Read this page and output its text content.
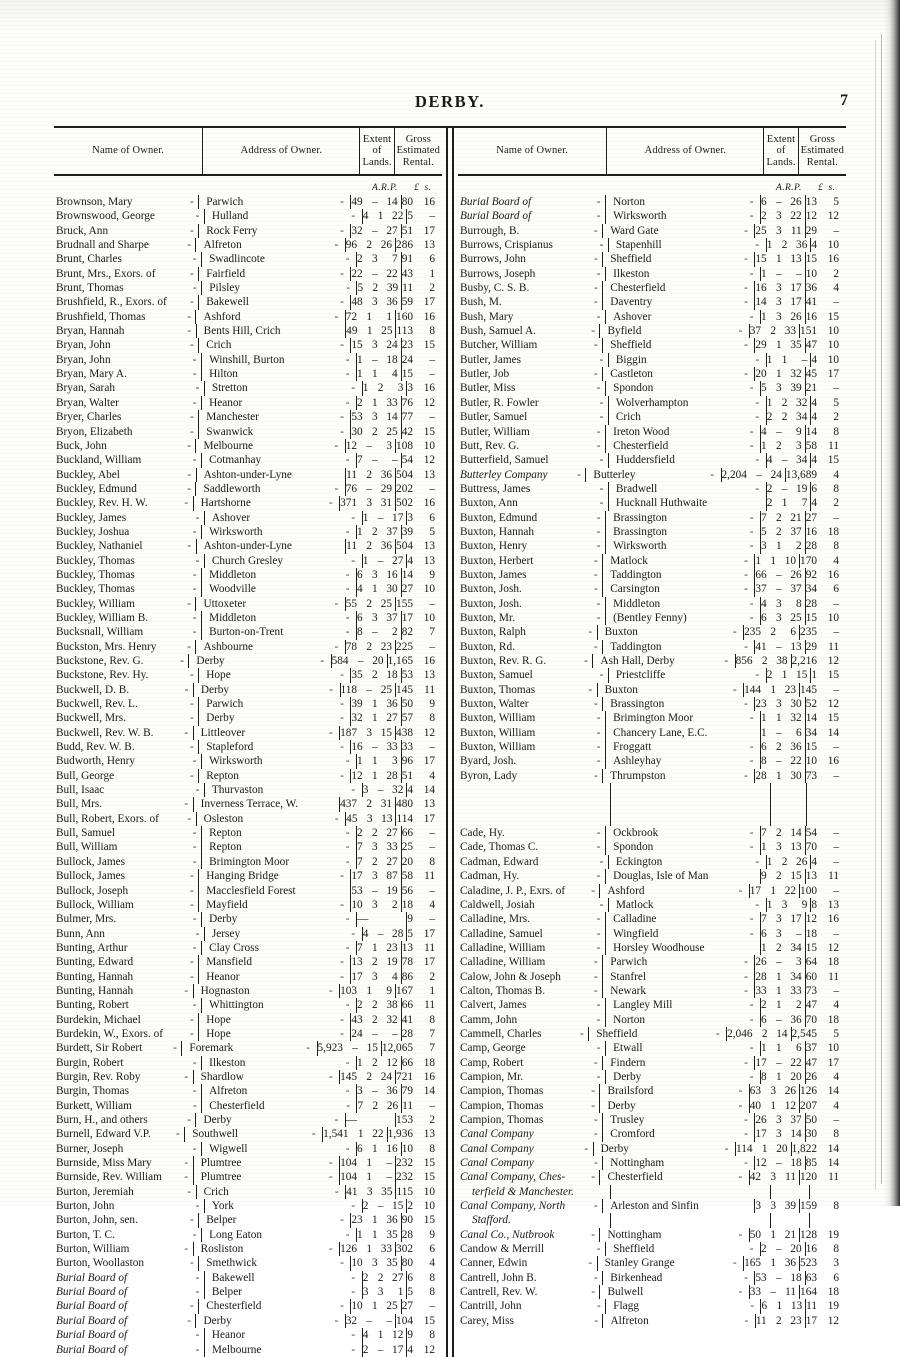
DERBY.	7
Name of Owner.	Address of Owner.
Extent of
Lands.
Gross
Estimated
Rental.
A. R. P. £ s.
Brownson, Mary	-	Parwich	- 49 – 14 80 16
Brownswood, George	-	Hulland	- 4 1 22 5	–
Bruck, Ann	-	Rock Ferry	- 32 – 27 51 17
Brudnall and Sharpe	-	Alfreton	- 96 2 26 286 13
Brunt, Charles	-	Swadlincote	- 2 3	7 91	6
Brunt, Mrs., Exors. of	-	Fairfield	- 22 – 22 43	1
Brunt, Thomas	-	Pilsley	- 5 2 39 11	2
Brushfield, R., Exors. of -	Bakewell	- 48 3 36 59 17
Brushfield, Thomas	-	Ashford	- 72 1	1 160 16
Bryan, Hannah	-	Bents Hill, Crich	49 1 25 113	8
Bryan, John	-	Crich	- 15 3 24 23 15
Bryan, John	-	Winshill, Burton	- 1 – 18 24	–
Bryan, Mary A.	-	Hilton	- 1 1	4 15	–
Bryan, Sarah	-	Stretton	- 1 2	3 3 16
Bryan, Walter	-	Heanor	- 2 1 33 76 12
Bryer, Charles	-	Manchester	- 53 3 14 77	–
Bryon, Elizabeth	-	Swanwick	- 30 2 25 42 15
Buck, John	-	Melbourne	- 12 –	3 108 10
Buckland, William	-	Cotmanhay	- 7 –	– 54 12
Buckley, Abel	-	Ashton-under-Lyne	11 2 36 504 13
Buckley, Edmund	-	Saddleworth	- 76 – 29 202	–
Buckley, Rev. H. W.	-	Hartshorne	- 371 3 31 502 16
Buckley, James	-	Ashover	- 1 – 17 3	6
Buckley, Joshua	-	Wirksworth	- 1 2 37 39	5
Buckley, Nathaniel	-	Ashton-under-Lyne	11 2 36 504 13
Buckley, Thomas	-	Church Gresley	- 1 – 27 4 13
Buckley, Thomas	-	Middleton	- 6 3 16 14	9
Buckley, Thomas	-	Woodville	- 4 1 30 27 10
Buckley, William	-	Uttoxeter	- 55 2 25 155	–
Buckley, William B.	-	Middleton	- 6 3 37 17 10
Bucksnall, William	-	Burton-on-Trent	- 8 –	2 82	7
Buckston, Mrs. Henry	-	Ashbourne	- 78 2 23 225	–
Buckstone, Rev. G.	-	Derby	- 584 – 20 1,165 16
Buckstone, Rev. Hy.	-	Hope	- 35 2 18 53 13
Buckwell, D. B.	-	Derby	- 118 – 25 145 11
Buckwell, Rev. L.	-	Parwich	- 39 1 36 50	9
Buckwell, Mrs.	-	Derby	- 32 1 27 57	8
Buckwell, Rev. W. B.	-	Littleover	- 187 3 15 438 12
Budd, Rev. W. B.	-	Stapleford	- 16 – 33 33	–
Budworth, Henry	-	Wirksworth	- 1 1	3 96 17
Bull, George	-	Repton	- 12 1 28 51	4
Bull, Isaac	-	Thurvaston	- 3 – 32 4 14
Bull, Mrs.	-	Inverness Terrace, W.	437 2 31 480 13
Bull, Robert, Exors. of	-	Osleston	- 45 3 13 114 17
Bull, Samuel	-	Repton	- 2 2 27 66	–
Bull, William	-	Repton	- 7 3 33 25	–
Bullock, James	-	Brimington Moor	- 7 2 27 20	8
Bullock, James	-	Hanging Bridge	- 17 3 87 58 11
Bullock, Joseph	-	Macclesfield Forest	53 – 19 56	–
Bullock, William	-	Mayfield	- 10 3	2 18	4
Bulmer, Mrs.	-	Derby	- —	9	–
Bunn, Ann	-	Jersey	- 4 – 28 5 17
Bunting, Arthur	-	Clay Cross	- 7 1 23 13 11
Bunting, Edward	-	Mansfield	- 13 2 19 78 17
Bunting, Hannah	-	Heanor	- 17 3	4 86	2
Bunting, Hannah	-	Hognaston	- 103 1	9 167	1
Bunting, Robert	-	Whittington	- 2 2 38 66 11
Burdekin, Michael	-	Hope	- 43 2 32 41	8
Burdekin, W., Exors. of -	Hope	- 24 –	– 28	7
Burdett, Sir Robert	-	Foremark	- 5,923 – 15 12,065	7
Burgin, Robert	-	Ilkeston	- 1 2 12 66 18
Burgin, Rev. Roby	-	Shardlow	- 145 2 24 721 16
Burgin, Thomas	-	Alfreton	- 3 – 36 79 14
Burkett, William	-	Chesterfield	- 7 2 26 11	–
Burn, H., and others	-	Derby	- —	153	2
Burnell, Edward V.P. -	Southwell	- 1,541 1 22 1,936 13
Burner, Joseph	-	Wigwell	- 6 1 16 10	8
Burnside, Miss Mary	-	Plumtree	- 104 1	– 232 15
Burnside, Rev. William -	Plumtree	- 104 1	– 232 15
Burton, Jeremiah	-	Crich	- 41 3 35 115 10
Burton, John	-	York	- 2 – 15 2 10
Burton, John, sen.	-	Belper	- 23 1 36 90 15
Burton, T. C.	-	Long Eaton	- 1 1 35 28	9
Burton, William	-	Rosliston	- 126 1 33 302	6
Burton, Woollaston	-	Smethwick	- 10 3 35 80	4
Burial Board of	-	Bakewell	- 2 2 27 6	8
Burial Board of	-	Belper	- 3 3	1 5	8
Burial Board of	-	Chesterfield	- 10 1 25 27	–
Burial Board of	-	Derby	- 32 –	– 104 15
Burial Board of	-	Heanor	- 4 1 12 9	8
Burial Board of	-	Melbourne	- 2 – 17 4 12
Name of Owner.	Address of Owner.
Extent of
Lands.
Gross
Estimated
Rental.
A. R. P. £ s.
Burial Board of	-	Norton	- 6 – 26 13	5
Burial Board of	-	Wirksworth	- 2 3 22 12 12
Burrough, B.	-	Ward Gate	- 25 3 11 29	–
Burrows, Crispianus	-	Stapenhill	- 1 2 36 4 10
Burrows, John	-	Sheffield	- 15 1 13 15 16
Burrows, Joseph	-	Ilkeston	- 1 –	– 10	2
Busby, C. S. B.	-	Chesterfield	- 16 3 17 36	4
Bush, M.	-	Daventry	- 14 3 17 41	–
Bush, Mary	-	Ashover	- 1 3 26 16 15
Bush, Samuel A.	-	Byfield	- 37 2 33 151 10
Butcher, William	-	Sheffield	- 29 1 35 47 10
Butler, James	-	Biggin	- 1 1	– 4 10
Butler, Job	-	Castleton	- 20 1 32 45 17
Butler, Miss	-	Spondon	- 5 3 39 21	–
Butler, R. Fowler	-	Wolverhampton	- 1 2 32 4	5
Butler, Samuel	-	Crich	- 2 2 34 4	2
Butler, William	-	Ireton Wood	- 4 –	9 14	8
Butt, Rev. G.	-	Chesterfield	- 1 2	3 58 11
Butterfield, Samuel	-	Huddersfield	- 4 – 34 4 15
Butterley Company	-	Butterley	- 2,204 – 24 13,689	4
Buttress, James	-	Bradwell	- 2 – 19 6	8
Buxton, Ann	-	Hucknall Huthwaite	2 1	7 4	2
Buxton, Edmund	-	Brassington	- 7 2 21 27	–
Buxton, Hannah	-	Brassington	- 5 2 37 16 18
Buxton, Henry	-	Wirksworth	- 3 1	2 28	8
Buxton, Herbert	-	Matlock	- 1 1 10 170	4
Buxton, James	-	Taddington	- 66 – 26 92 16
Buxton, Josh.	-	Carsington	- 37 – 37 34	6
Buxton, Josh.	-	Middleton	- 4 3	8 28	–
Buxton, Mr.	-	(Bentley Fenny)	- 6 3 25 15 10
Buxton, Ralph	-	Buxton	- 235 2	6 235	–
Buxton, Rd.	-	Taddington	- 41 – 13 29 11
Buxton, Rev. R. G.	-	Ash Hall, Derby	- 856 2 38 2,216 12
Buxton, Samuel	-	Priestcliffe	- 2 1 15 1 15
Buxton, Thomas	-	Buxton	- 144 1 23 145	–
Buxton, Walter	-	Brassington	- 23 3 30 52 12
Buxton, William	-	Brimington Moor	- 1 1 32 14 15
Buxton, William	-	Chancery Lane, E.C.	1 –	6 34 14
Buxton, William	-	Froggatt	- 6 2 36 15	–
Byard, Josh.	-	Ashleyhay	- 8 – 22 10 16
Byron, Lady	-	Thrumpston	- 28 1 30 73	–
Cade, Hy.	-	Ockbrook	- 7 2 14 54	–
Cade, Thomas C.	-	Spondon	- 1 3 13 70	–
Cadman, Edward	-	Eckington	- 1 2 26 4	–
Cadman, Hy.	-	Douglas, Isle of Man	9 2 15 13 11
Caladine, J. P., Exrs. of -	Ashford	- 17 1 22 100	–
Caldwell, Josiah	-	Matlock	- 1 3	9 8 13
Calladine, Mrs.	-	Calladine	- 7 3 17 12 16
Calladine, Samuel	-	Wingfield	- 6 3	– 18	–
Calladine, William	-	Horsley Woodhouse	1 2 34 15 12
Calladine, William	-	Parwich	- 26 –	3 64 18
Calow, John & Joseph	-	Stanfrel	- 28 1 34 60 11
Calton, Thomas B.	-	Newark	- 33 1 33 73	–
Calvert, James	-	Langley Mill	- 2 1	2 47	4
Camm, John	-	Norton	- 6 – 36 70 18
Cammell, Charles	-	Sheffield	- 2,046 2 14 2,545	5
Camp, George	-	Etwall	- 1 1	6 37 10
Camp, Robert	-	Findern	- 17 – 22 47 17
Campion, Mr.	-	Derby	- 8 1 20 26	4
Campion, Thomas	-	Brailsford	- 63 3 26 126 14
Campion, Thomas	-	Derby	- 40 1 12 207	4
Campion, Thomas	-	Trusley	- 26 3 37 50	–
Canal Company	-	Cromford	- 17 3 14 30	8
Canal Company	-	Derby	- 114 1 20 1,822 14
Canal Company	-	Nottingham	- 12 – 18 85 14
Canal Company, Ches- -	Chesterfield	- 42 3 11 120 11
terfield & Manchester.
Canal Company, North	-	Arleston and Sinfin	3 3 39 159	8
Stafford.
Canal Co., Nutbrook	-	Nottingham	- 50 1 21 128 19
Candow & Merrill	-	Sheffield	- 2 – 20 16	8
Canner, Edwin	-	Stanley Grange	- 165 1 36 523	3
Cantrell, John B.	-	Birkenhead	- 53 – 18 63	6
Cantrell, Rev. W.	-	Bulwell	- 33 – 11 164 18
Cantrill, John	-	Flagg	- 6 1 13 11 19
Carey, Miss	-	Alfreton	- 11 2 23 17 12
